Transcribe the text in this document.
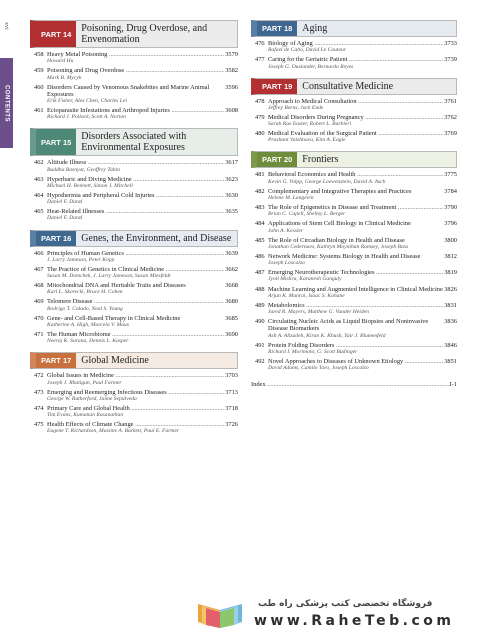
xvi
CONTENTS
PART 14	Poisoning, Drug Overdose, and Envenomation
458 Heavy Metal Poisoning .....	3579
Howard Hu
459 Poisoning and Drug Overdose .....	3582
Mark B. Mycyk
460 Disorders Caused by Venomous Snakebites and Marine Animal Exposures
3596
Erik Fisher, Alex Chen, Charles Lei
461 Ectoparasite Infestations and Arthropod Injuries .....	3608
Richard J. Pollack, Scott A. Norton
PART 15	Disorders Associated with Environmental Exposures
462 Altitude Illness .....	3617
Buddha Basnyat, Geoffrey Tabin
463 Hyperbaric and Diving Medicine .....	3623
Michael H. Bennett, Simon J. Mitchell
464 Hypothermia and Peripheral Cold Injuries .....	3630
Daniel F. Danzl
465 Heat-Related Illnesses .....	3635
Daniel F. Danzl
PART 16	Genes, the Environment, and Disease
466 Principles of Human Genetics .....	3639
J. Larry Jameson, Peter Kopp
467 The Practice of Genetics in Clinical Medicine .....	3662
Susan M. Domchek, J. Larry Jameson, Susan Miesfeldt
468 Mitochondrial DNA and Heritable Traits and Diseases	3668
Karl L. Skorecki, Bruce H. Cohen
469 Telomere Disease .....	3680
Rodrigo T. Calado, Neal S. Young
470 Gene- and Cell-Based Therapy in Clinical Medicine	3685
Katherine A. High, Marcela V. Maus
471 The Human Microbiome .....	3690
Neeraj K. Surana, Dennis L. Kasper
PART 17	Global Medicine
472 Global Issues in Medicine .....	3703
Joseph J. Rhatigan, Paul Farmer
473 Emerging and Reemerging Infectious Diseases .....	3713
George W. Rutherford, Jaime Sepúlveda
474 Primary Care and Global Health .....	3718
Tim Evans, Kumanan Rasanathan
475 Health Effects of Climate Change .....	3726
Eugene T. Richardson, Maxime A. Burkett, Paul E. Farmer
PART 18	Aging
476 Biology of Aging .....	3733
Rafael de Cabo, David Le Couteur
477 Caring for the Geriatric Patient .....	3739
Joseph G. Ouslander, Bernardo Reyes
PART 19	Consultative Medicine
478 Approach to Medical Consultation .....	3761
Jeffrey Berns, Jack Ende
479 Medical Disorders During Pregnancy .....	3762
Sarah Rae Easter, Robert L. Barbieri
480 Medical Evaluation of the Surgical Patient .....	3769
Prashant Vaishnava, Kim A. Eagle
PART 20	Frontiers
481 Behavioral Economics and Health .....	3775
Kevin G. Volpp, George Loewenstein, David A. Asch
482 Complementary and Integrative Therapies and Practices	3784
Helene M. Langevin
483 The Role of Epigenetics in Disease and Treatment .....	3790
Brian C. Capell, Shelley L. Berger
484 Applications of Stem Cell Biology in Clinical Medicine	3796
John A. Kessler
485 The Role of Circadian Biology in Health and Disease	3800
Jonathan Cedernaes, Kathryn Moynihan Ramsey, Joseph Bass
486 Network Medicine: Systems Biology in Health and Disease	3812
Joseph Loscalzo
487 Emerging Neurotherapeutic Technologies .....	3819
Jyoti Mishra, Karunesh Ganguly
488 Machine Learning and Augmented Intelligence in Clinical Medicine 3826
Arjun K. Manrai, Isaac S. Kohane
489 Metabolomics .....	3831
Jared R. Mayers, Matthew G. Vander Heiden
490 Circulating Nucleic Acids as Liquid Biopsies and Noninvasive Disease Biomarkers
3836
Ash A. Alizadeh, Kiran K. Khush, Yair J. Blumenfeld
491 Protein Folding Disorders .....	3846
Richard I. Morimoto, G. Scott Budinger
492 Novel Approaches to Diseases of Unknown Etiology .....	3851
David Adams, Camilo Toro, Joseph Loscalzo
Index .....	I-1
فروشگاه تخصصی کتب پزشکی راه طب
www.RaheTeb.com
